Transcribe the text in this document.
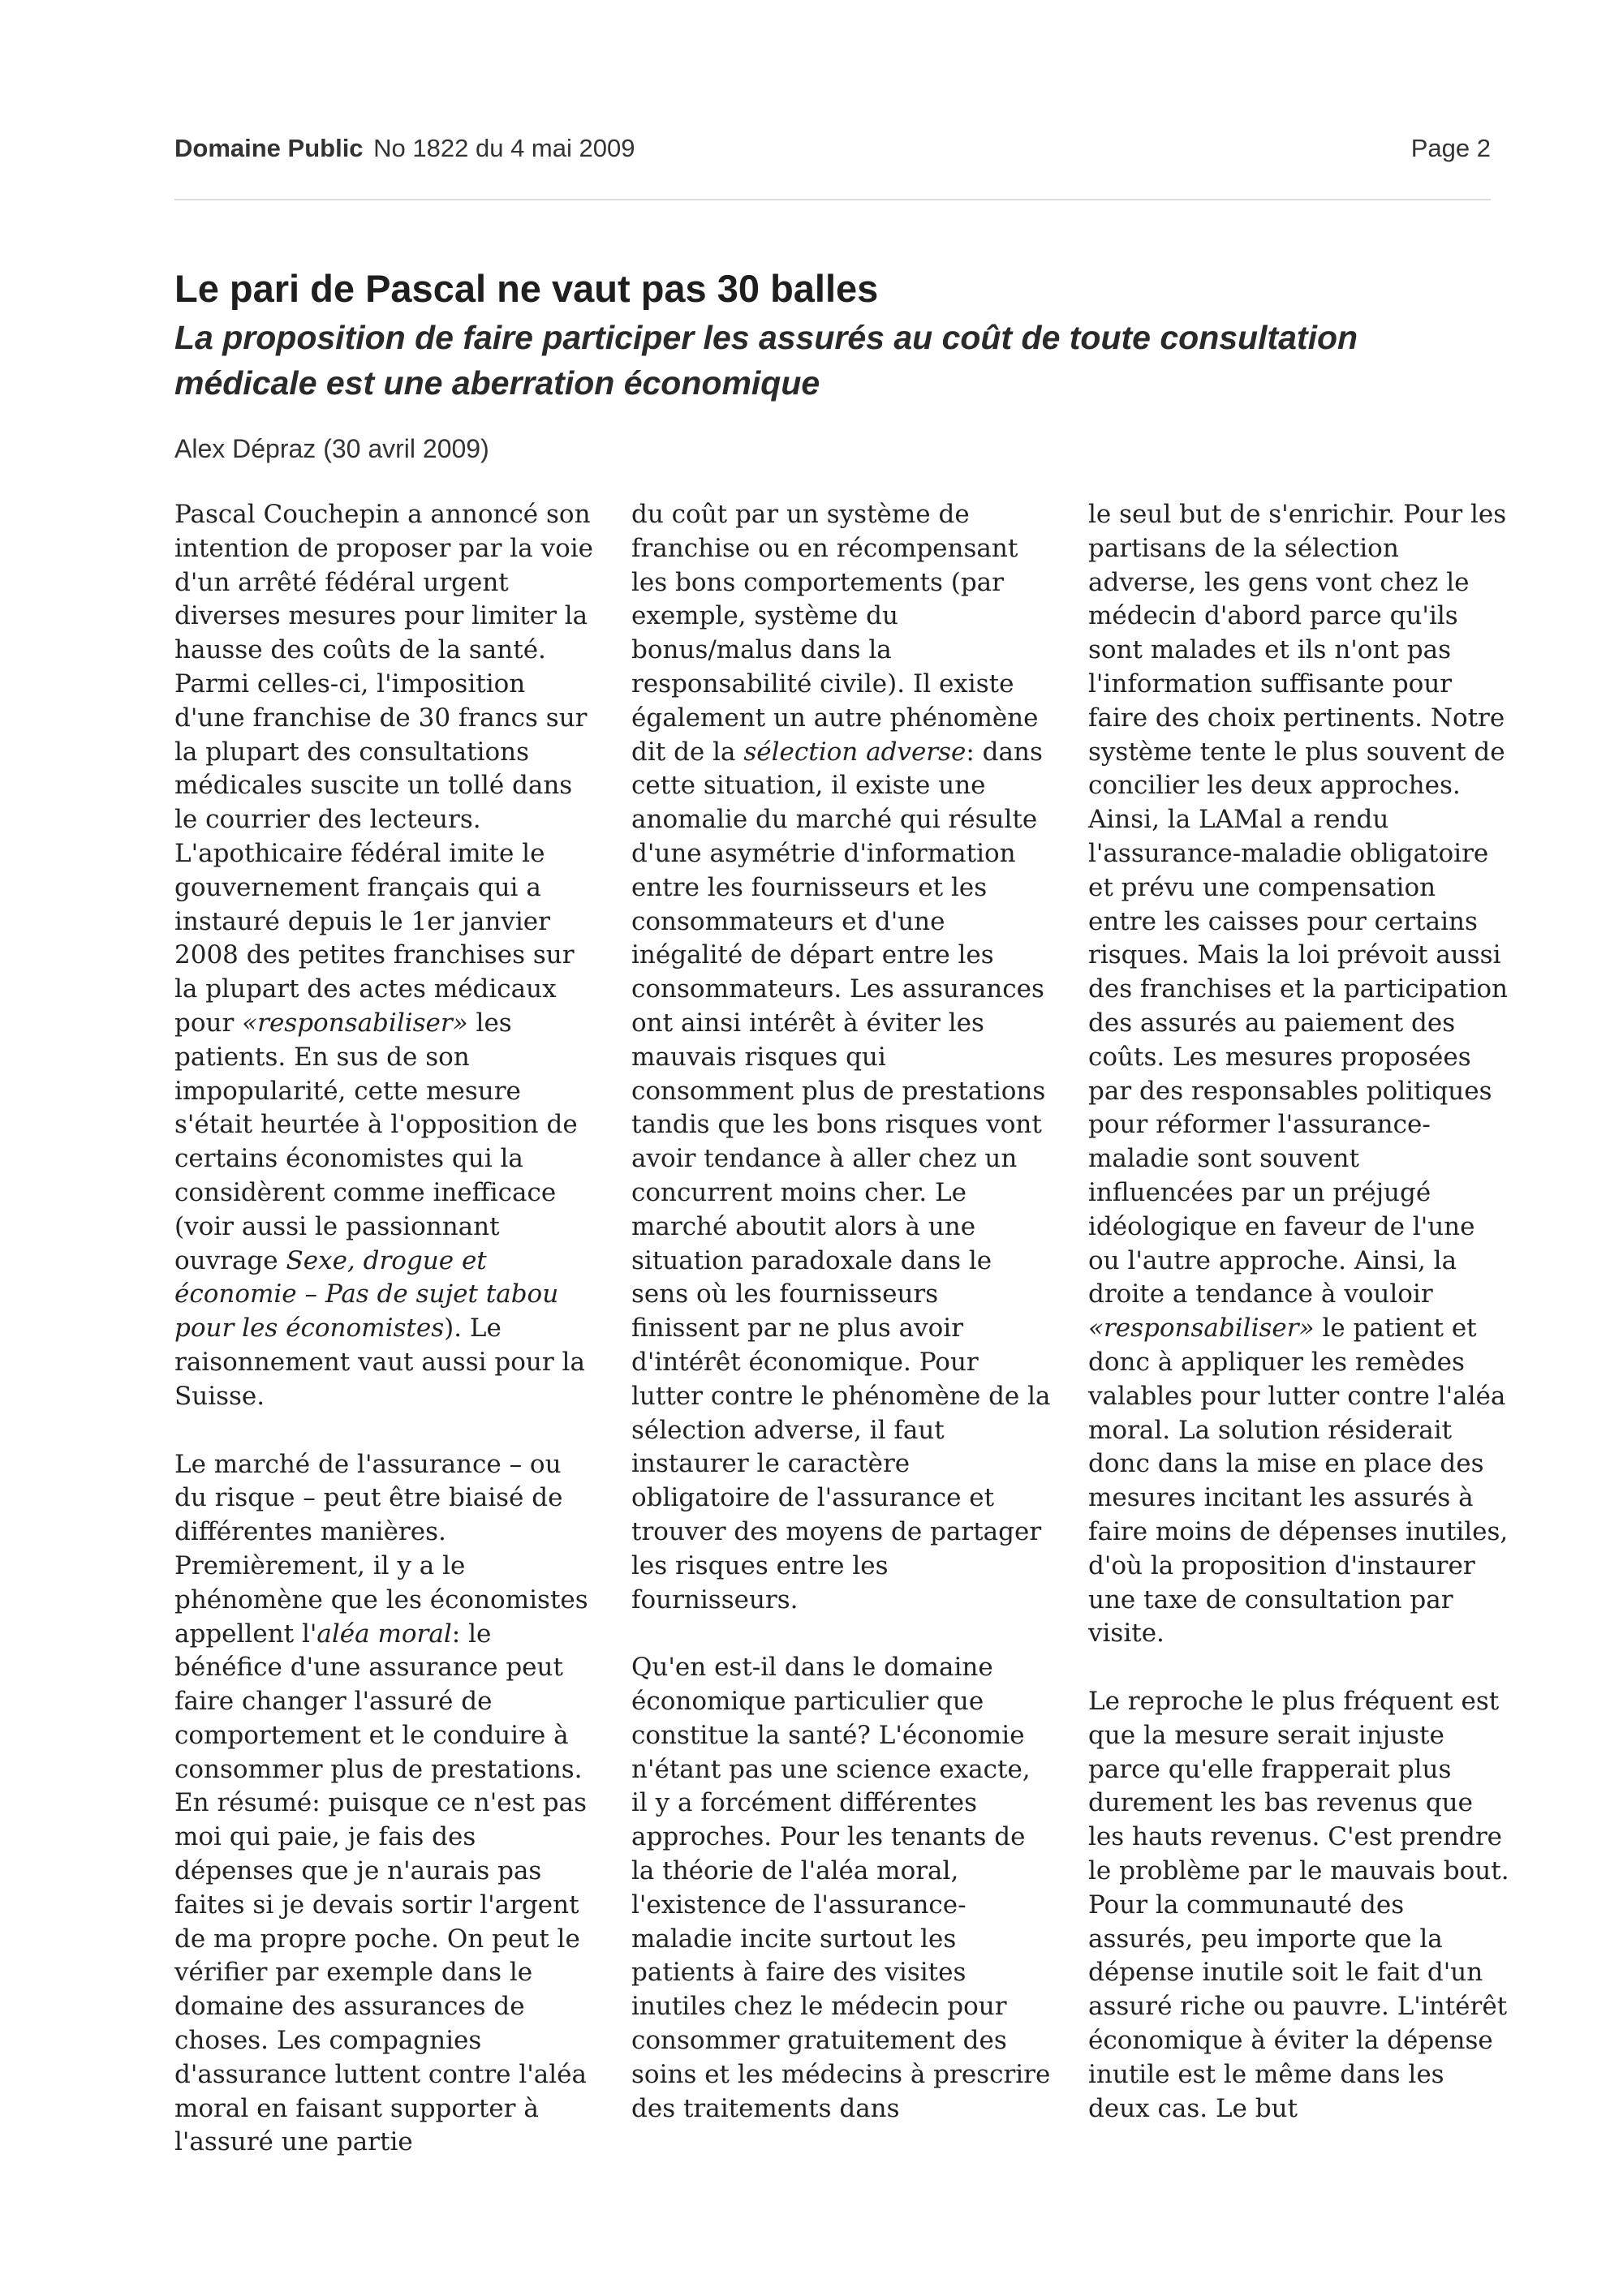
Domaine Public No 1822 du 4 mai 2009	Page 2
Le pari de Pascal ne vaut pas 30 balles
La proposition de faire participer les assurés au coût de toute consultation médicale est une aberration économique

Alex Dépraz (30 avril 2009)

Pascal Couchepin a annoncé son intention de proposer par la voie d'un arrêté fédéral urgent diverses mesures pour limiter la hausse des coûts de la santé. Parmi celles-ci, l'imposition d'une franchise de 30 francs sur la plupart des consultations médicales suscite un tollé dans le courrier des lecteurs. L'apothicaire fédéral imite le gouvernement français qui a instauré depuis le 1er janvier 2008 des petites franchises sur la plupart des actes médicaux pour «responsabiliser» les patients. En sus de son impopularité, cette mesure s'était heurtée à l'opposition de certains économistes qui la considèrent comme inefficace (voir aussi le passionnant ouvrage Sexe, drogue et économie – Pas de sujet tabou pour les économistes). Le raisonnement vaut aussi pour la Suisse.

Le marché de l'assurance – ou du risque – peut être biaisé de différentes manières. Premièrement, il y a le phénomène que les économistes appellent l'aléa moral: le bénéfice d'une assurance peut faire changer l'assuré de comportement et le conduire à consommer plus de prestations. En résumé: puisque ce n'est pas moi qui paie, je fais des dépenses que je n'aurais pas faites si je devais sortir l'argent de ma propre poche. On peut le vérifier par exemple dans le domaine des assurances de choses. Les compagnies d'assurance luttent contre l'aléa moral en faisant supporter à l'assuré une partie

du coût par un système de franchise ou en récompensant les bons comportements (par exemple, système du bonus/malus dans la responsabilité civile). Il existe également un autre phénomène dit de la sélection adverse: dans cette situation, il existe une anomalie du marché qui résulte d'une asymétrie d'information entre les fournisseurs et les consommateurs et d'une inégalité de départ entre les consommateurs. Les assurances ont ainsi intérêt à éviter les mauvais risques qui consomment plus de prestations tandis que les bons risques vont avoir tendance à aller chez un concurrent moins cher. Le marché aboutit alors à une situation paradoxale dans le sens où les fournisseurs finissent par ne plus avoir d'intérêt économique. Pour lutter contre le phénomène de la sélection adverse, il faut instaurer le caractère obligatoire de l'assurance et trouver des moyens de partager les risques entre les fournisseurs.

Qu'en est-il dans le domaine économique particulier que constitue la santé? L'économie n'étant pas une science exacte, il y a forcément différentes approches. Pour les tenants de la théorie de l'aléa moral, l'existence de l'assurance-maladie incite surtout les patients à faire des visites inutiles chez le médecin pour consommer gratuitement des soins et les médecins à prescrire des traitements dans

le seul but de s'enrichir. Pour les partisans de la sélection adverse, les gens vont chez le médecin d'abord parce qu'ils sont malades et ils n'ont pas l'information suffisante pour faire des choix pertinents. Notre système tente le plus souvent de concilier les deux approches. Ainsi, la LAMal a rendu l'assurance-maladie obligatoire et prévu une compensation entre les caisses pour certains risques. Mais la loi prévoit aussi des franchises et la participation des assurés au paiement des coûts. Les mesures proposées par des responsables politiques pour réformer l'assurance-maladie sont souvent influencées par un préjugé idéologique en faveur de l'une ou l'autre approche. Ainsi, la droite a tendance à vouloir «responsabiliser» le patient et donc à appliquer les remèdes valables pour lutter contre l'aléa moral. La solution résiderait donc dans la mise en place des mesures incitant les assurés à faire moins de dépenses inutiles, d'où la proposition d'instaurer une taxe de consultation par visite.

Le reproche le plus fréquent est que la mesure serait injuste parce qu'elle frapperait plus durement les bas revenus que les hauts revenus. C'est prendre le problème par le mauvais bout. Pour la communauté des assurés, peu importe que la dépense inutile soit le fait d'un assuré riche ou pauvre. L'intérêt économique à éviter la dépense inutile est le même dans les deux cas. Le but
